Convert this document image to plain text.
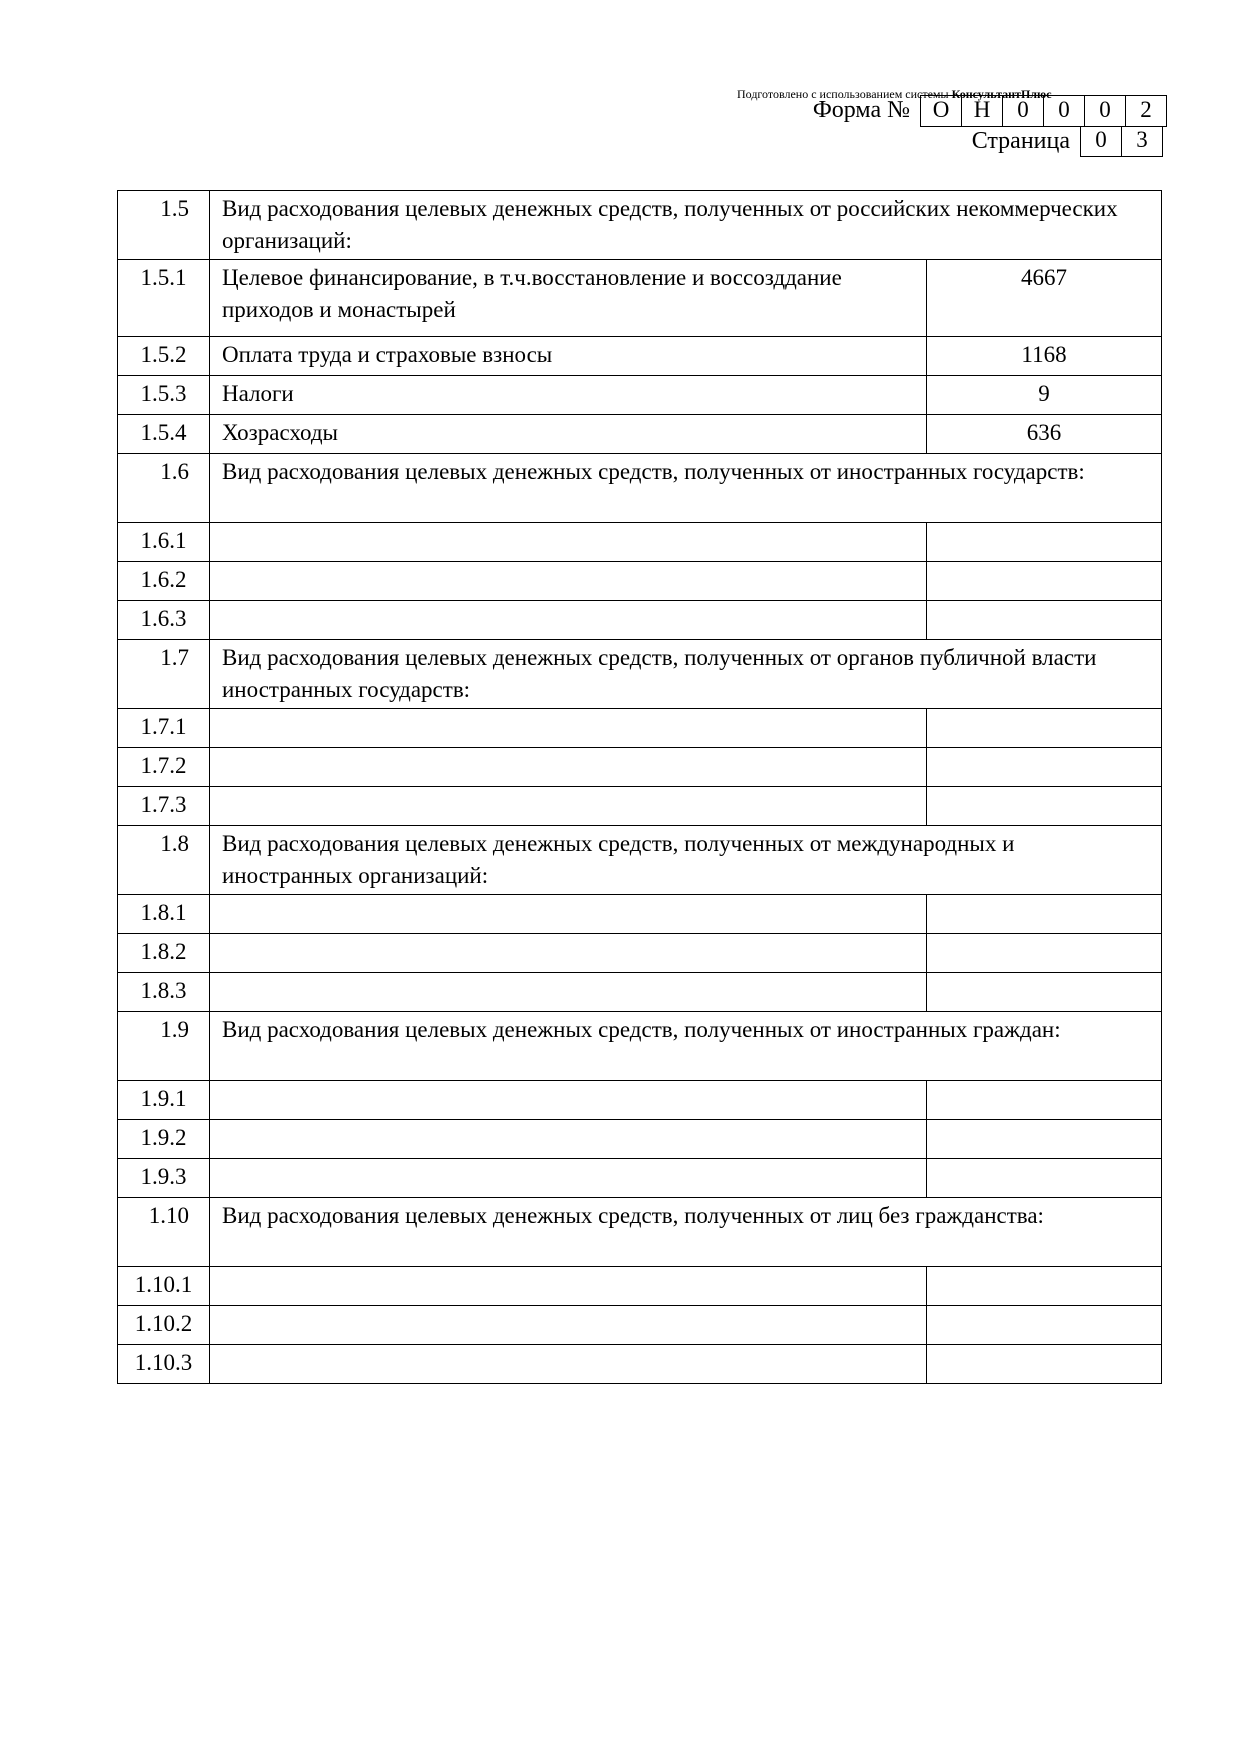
Подготовлено с использованием системы КонсультантПлюс
Форма № О	Н	0	0	0	2
Страница	0	3
1.5	Вид расходования целевых денежных средств, полученных от российских некоммерческих организаций:	
1.5.1	Целевое финансирование, в т.ч.восстановление и воссозддание приходов и монастырей	4667
1.5.2	Оплата труда и страховые взносы	1168
1.5.3	Налоги	9
1.5.4	Хозрасходы	636
1.6	Вид расходования целевых денежных средств, полученных от иностранных государств:	
1.6.1		
1.6.2		
1.6.3		
1.7	Вид расходования целевых денежных средств, полученных от органов публичной власти иностранных государств:	
1.7.1		
1.7.2		
1.7.3		
1.8	Вид расходования целевых денежных средств, полученных от международных и иностранных организаций:	
1.8.1		
1.8.2		
1.8.3		
1.9	Вид расходования целевых денежных средств, полученных от иностранных граждан:	
1.9.1		
1.9.2		
1.9.3		
1.10	Вид расходования целевых денежных средств, полученных от лиц без гражданства:	
1.10.1		
1.10.2		
1.10.3		
